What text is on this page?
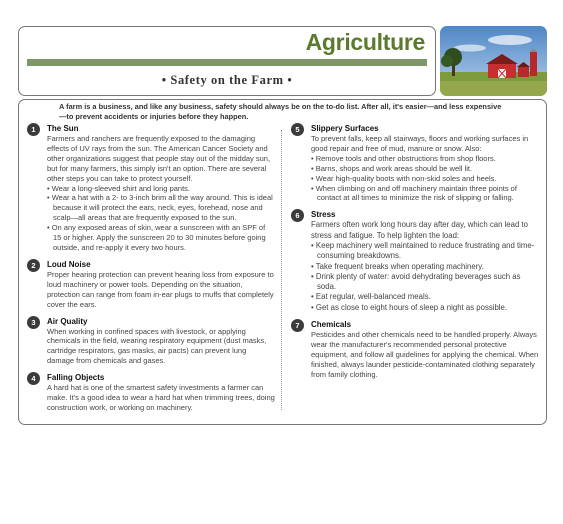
Agriculture
• Safety on the Farm •
A farm is a business, and like any business, safety should always be on the to-do list. After all, it's easier—and less expensive—to prevent accidents or injuries before they happen.
1	The Sun
Farmers and ranchers are frequently exposed to the damaging effects of UV rays from the sun. The American Cancer Society and other organizations suggest that people stay out of the midday sun, but for many farmers, this simply isn't an option. There are several other steps you can take to protect yourself.
• Wear a long-sleeved shirt and long pants.
• Wear a hat with a 2- to 3-inch brim all the way around. This is ideal because it will protect the ears, neck, eyes, forehead, nose and scalp—all areas that are frequently exposed to the sun.
• On any exposed areas of skin, wear a sunscreen with an SPF of 15 or higher. Apply the sunscreen 20 to 30 minutes before going outside, and re-apply it every two hours.
2	Loud Noise
Proper hearing protection can prevent hearing loss from exposure to loud machinery or power tools. Depending on the situation, protection can range from foam in-ear plugs to muffs that completely cover the ears.
3	Air Quality
When working in confined spaces with livestock, or applying chemicals in the field, wearing respiratory equipment (dust masks, cartridge respirators, gas masks, air pacts) can prevent lung damage from chemicals and gases.
4	Falling Objects
A hard hat is one of the smartest safety investments a farmer can make. It's a good idea to wear a hard hat when trimming trees, doing construction work, or working on machinery.
5	Slippery Surfaces
To prevent falls, keep all stairways, floors and working surfaces in good repair and free of mud, manure or snow. Also:
• Remove tools and other obstructions from shop floors.
• Barns, shops and work areas should be well lit.
• Wear high-quality boots with non-skid soles and heels.
• When climbing on and off machinery maintain three points of contact at all times to minimize the risk of slipping or falling.
6	Stress
Farmers often work long hours day after day, which can lead to stress and fatigue. To help lighten the load:
• Keep machinery well maintained to reduce frustrating and time-consuming breakdowns.
• Take frequent breaks when operating machinery.
• Drink plenty of water: avoid dehydrating beverages such as soda.
• Eat regular, well-balanced meals.
• Get as close to eight hours of sleep a night as possible.
7	Chemicals
Pesticides and other chemicals need to be handled properly. Always wear the manufacturer's recommended personal protective equipment, and follow all guidelines for applying the chemical. When finished, always launder pesticide-contaminated clothing separately from family clothing.
